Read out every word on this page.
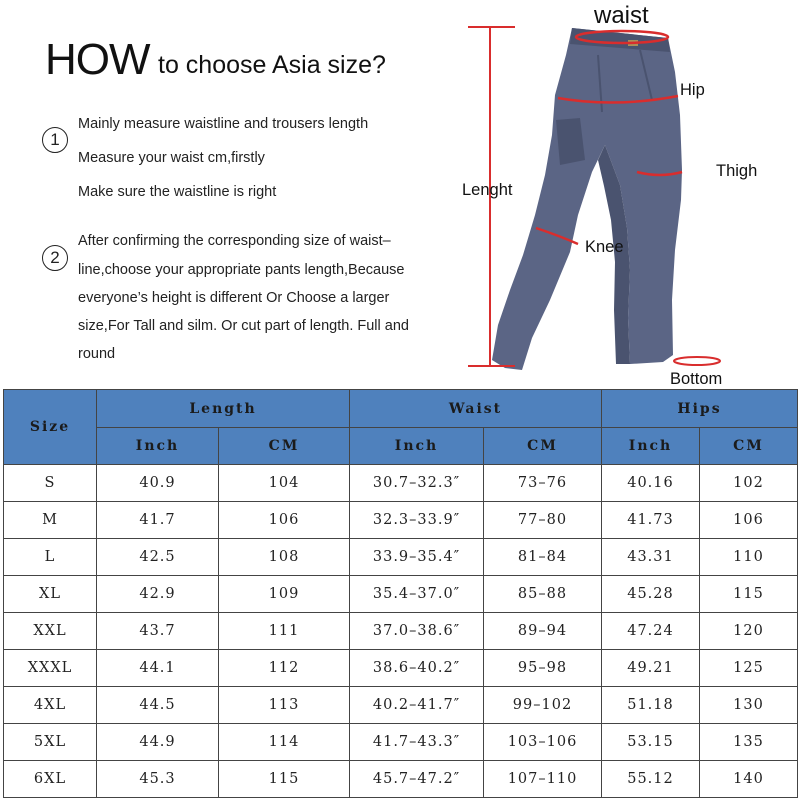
HOW to choose Asia size?
1
Mainly measure waistline and trousers length
Measure your waist cm,firstly
Make sure the waistline is right
2
After confirming the corresponding size of waist–
line,choose your appropriate pants length,Because
everyone’s height is different Or Choose a larger
size,For Tall and silm. Or cut part of length. Full and
round
waist
Hip
Thigh
Knee
Bottom
Lenght
Size	Length		Waist		Hips	
	Inch	CM	Inch	CM	Inch	CM
S	40.9	104	30.7–32.3″	73–76	40.16	102
M	41.7	106	32.3–33.9″	77–80	41.73	106
L	42.5	108	33.9–35.4″	81–84	43.31	110
XL	42.9	109	35.4–37.0″	85–88	45.28	115
XXL	43.7	111	37.0–38.6″	89–94	47.24	120
XXXL	44.1	112	38.6–40.2″	95–98	49.21	125
4XL	44.5	113	40.2–41.7″	99–102	51.18	130
5XL	44.9	114	41.7–43.3″	103–106	53.15	135
6XL	45.3	115	45.7–47.2″	107–110	55.12	140
